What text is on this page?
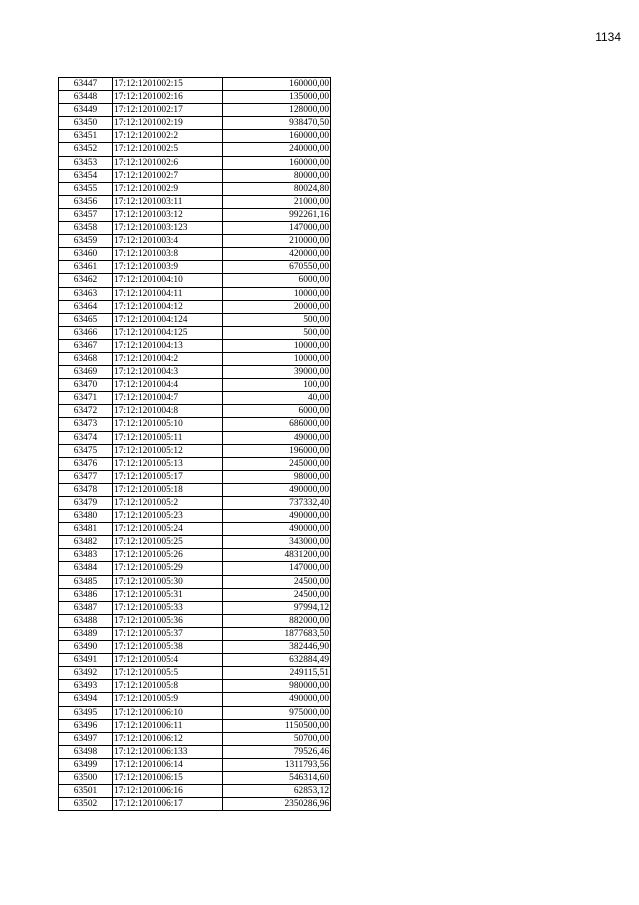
1134
63447	17:12:1201002:15	160000,00
63448	17:12:1201002:16	135000,00
63449	17:12:1201002:17	128000,00
63450	17:12:1201002:19	938470,50
63451	17:12:1201002:2	160000,00
63452	17:12:1201002:5	240000,00
63453	17:12:1201002:6	160000,00
63454	17:12:1201002:7	80000,00
63455	17:12:1201002:9	80024,80
63456	17:12:1201003:11	21000,00
63457	17:12:1201003:12	992261,16
63458	17:12:1201003:123	147000,00
63459	17:12:1201003:4	210000,00
63460	17:12:1201003:8	420000,00
63461	17:12:1201003:9	670550,00
63462	17:12:1201004:10	6000,00
63463	17:12:1201004:11	10000,00
63464	17:12:1201004:12	20000,00
63465	17:12:1201004:124	500,00
63466	17:12:1201004:125	500,00
63467	17:12:1201004:13	10000,00
63468	17:12:1201004:2	10000,00
63469	17:12:1201004:3	39000,00
63470	17:12:1201004:4	100,00
63471	17:12:1201004:7	40,00
63472	17:12:1201004:8	6000,00
63473	17:12:1201005:10	686000,00
63474	17:12:1201005:11	49000,00
63475	17:12:1201005:12	196000,00
63476	17:12:1201005:13	245000,00
63477	17:12:1201005:17	98000,00
63478	17:12:1201005:18	490000,00
63479	17:12:1201005:2	737332,40
63480	17:12:1201005:23	490000,00
63481	17:12:1201005:24	490000,00
63482	17:12:1201005:25	343000,00
63483	17:12:1201005:26	4831200,00
63484	17:12:1201005:29	147000,00
63485	17:12:1201005:30	24500,00
63486	17:12:1201005:31	24500,00
63487	17:12:1201005:33	97994,12
63488	17:12:1201005:36	882000,00
63489	17:12:1201005:37	1877683,50
63490	17:12:1201005:38	382446,90
63491	17:12:1201005:4	632884,49
63492	17:12:1201005:5	249115,51
63493	17:12:1201005:8	980000,00
63494	17:12:1201005:9	490000,00
63495	17:12:1201006:10	975000,00
63496	17:12:1201006:11	1150500,00
63497	17:12:1201006:12	50700,00
63498	17:12:1201006:133	79526,46
63499	17:12:1201006:14	1311793,56
63500	17:12:1201006:15	546314,60
63501	17:12:1201006:16	62853,12
63502	17:12:1201006:17	2350286,96
